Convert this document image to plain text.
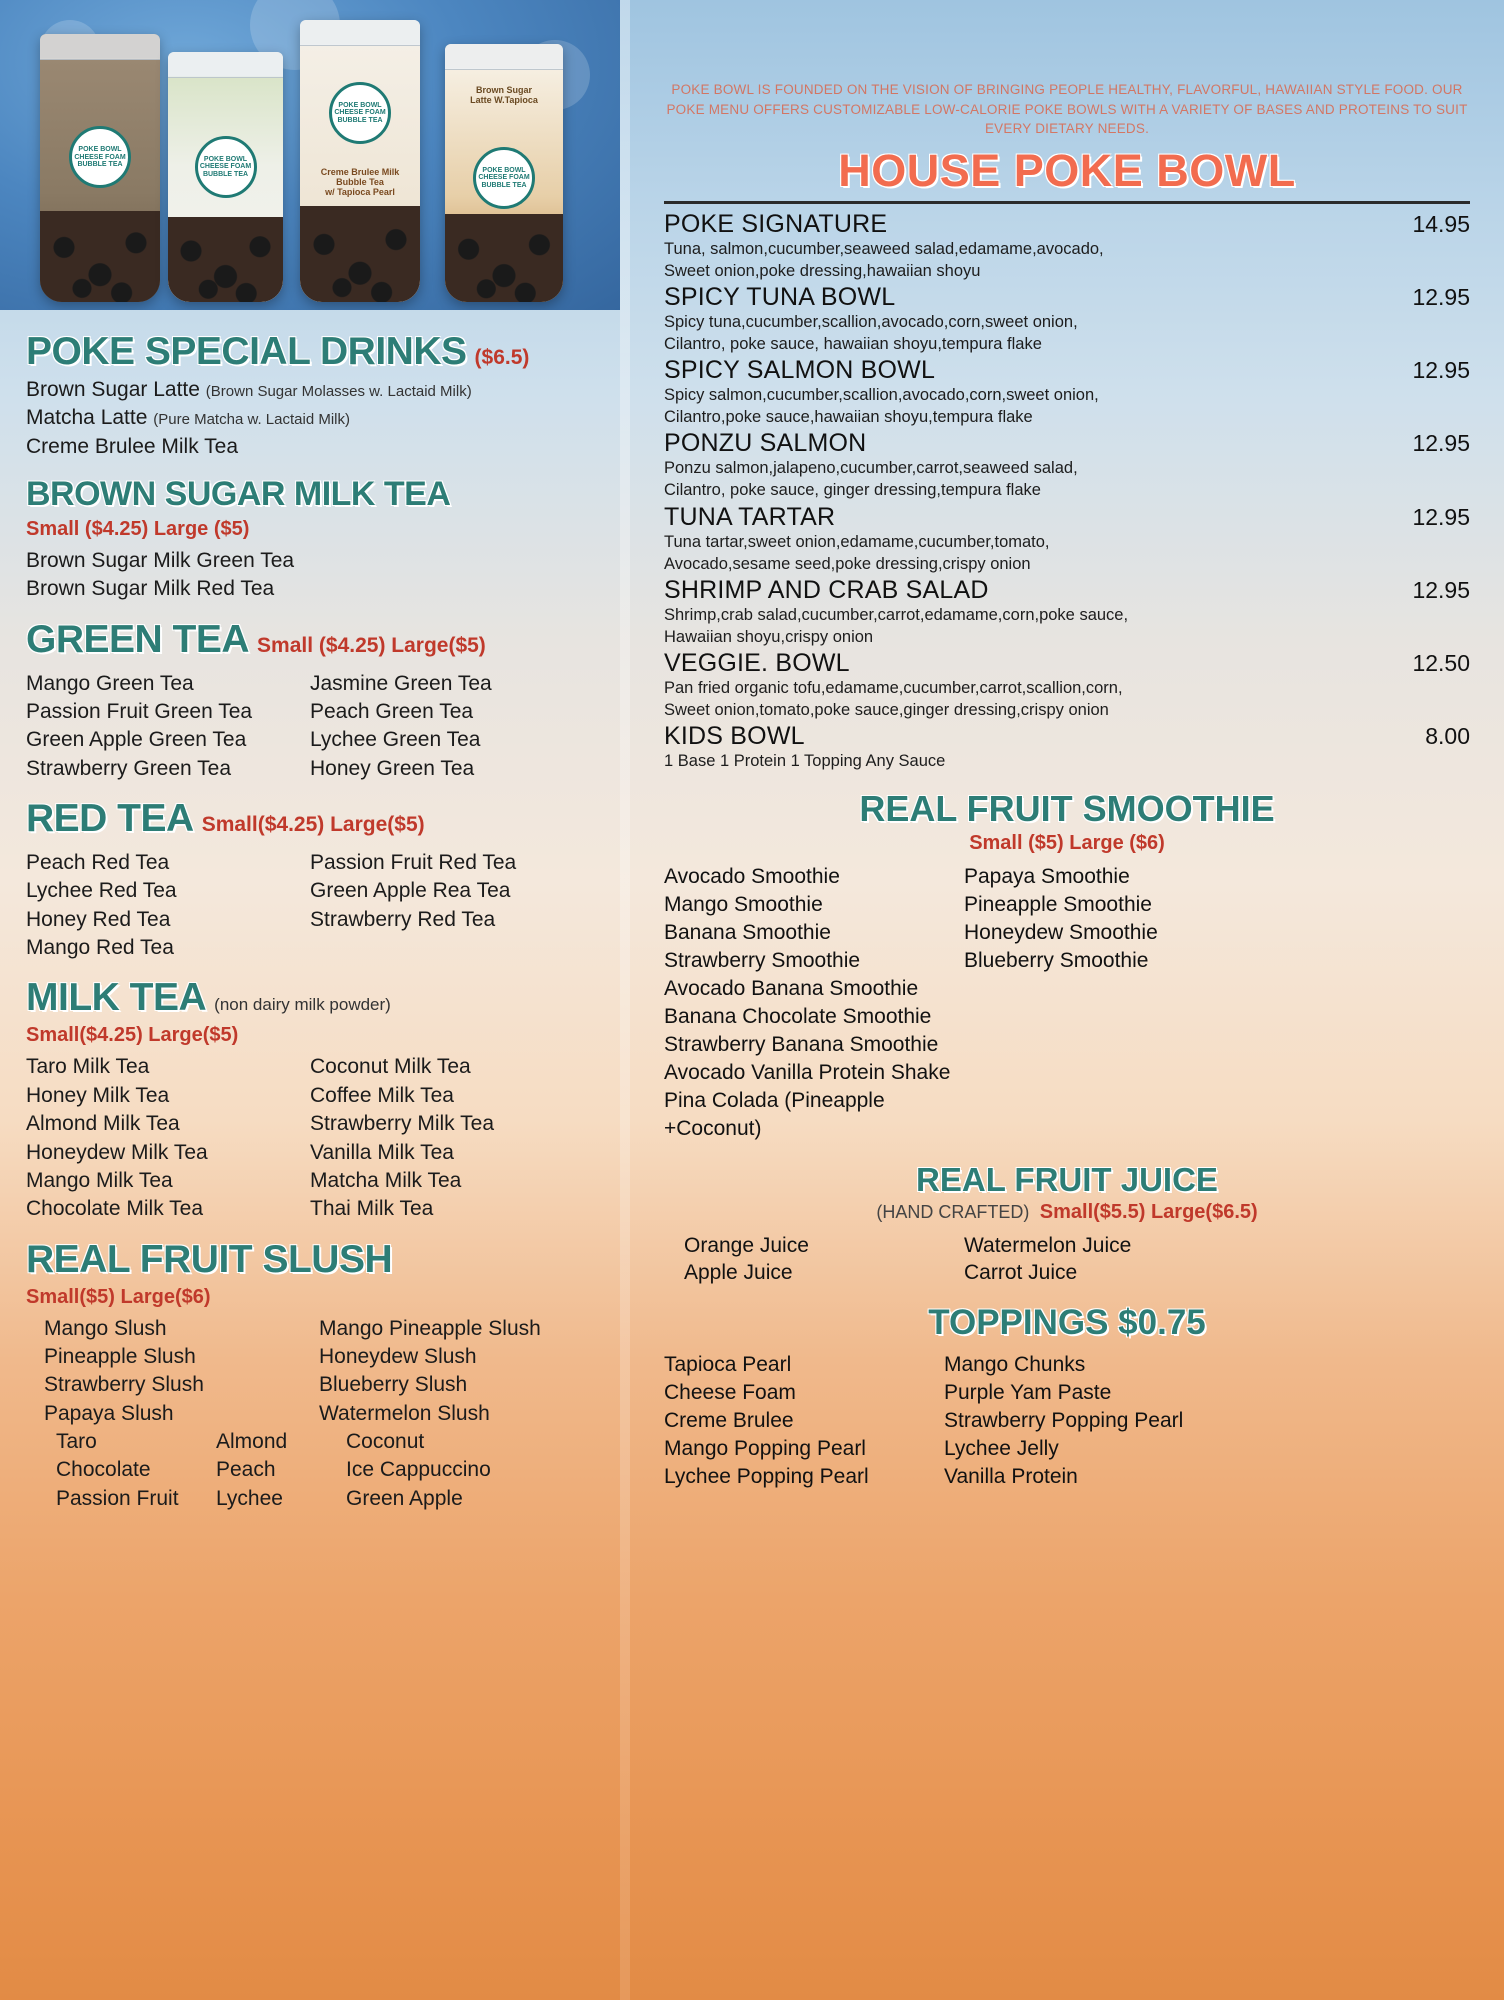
POKE BOWL
CHEESE FOAM
BUBBLE TEA
POKE BOWL
CHEESE FOAM
BUBBLE TEA
POKE BOWL
CHEESE FOAM
BUBBLE TEA
Creme Brulee Milk
Bubble Tea
w/ Tapioca Pearl
Brown Sugar
Latte W.Tapioca
POKE BOWL
CHEESE FOAM
BUBBLE TEA
POKE SPECIAL DRINKS ($6.5)
Brown Sugar Latte (Brown Sugar Molasses w. Lactaid Milk)
Matcha Latte (Pure Matcha w. Lactaid Milk)
Creme Brulee Milk Tea
BROWN SUGAR MILK TEA
Small ($4.25) Large ($5)
Brown Sugar Milk Green Tea
Brown Sugar Milk Red Tea
GREEN TEA Small ($4.25) Large($5)
Mango Green Tea
Passion Fruit Green Tea
Green Apple Green Tea
Strawberry Green Tea
Jasmine Green Tea
Peach Green Tea
Lychee Green Tea
Honey Green Tea
RED TEA Small($4.25) Large($5)
Peach Red Tea
Lychee Red Tea
Honey Red Tea
Mango Red Tea
Passion Fruit Red Tea
Green Apple Rea Tea
Strawberry Red Tea
MILK TEA (non dairy milk powder)
Small($4.25) Large($5)
Taro Milk Tea
Honey Milk Tea
Almond Milk Tea
Honeydew Milk Tea
Mango Milk Tea
Chocolate Milk Tea
Coconut Milk Tea
Coffee Milk Tea
Strawberry Milk Tea
Vanilla Milk Tea
Matcha Milk Tea
Thai Milk Tea
REAL FRUIT SLUSH
Small($5) Large($6)
Mango Slush
Pineapple Slush
Strawberry Slush
Papaya Slush
Mango Pineapple Slush
Honeydew Slush
Blueberry Slush
Watermelon Slush
Taro
Chocolate
Passion Fruit
Almond
Peach
Lychee
Coconut
Ice Cappuccino
Green Apple
POKE BOWL IS FOUNDED ON THE VISION OF BRINGING PEOPLE HEALTHY, FLAVORFUL, HAWAIIAN STYLE FOOD. OUR POKE MENU OFFERS CUSTOMIZABLE LOW-CALORIE POKE BOWLS WITH A VARIETY OF BASES AND PROTEINS TO SUIT EVERY DIETARY NEEDS.
HOUSE POKE BOWL
POKE SIGNATURE	14.95
Tuna, salmon,cucumber,seaweed salad,edamame,avocado,
Sweet onion,poke dressing,hawaiian shoyu
SPICY TUNA BOWL	12.95
Spicy tuna,cucumber,scallion,avocado,corn,sweet onion,
Cilantro, poke sauce, hawaiian shoyu,tempura flake
SPICY SALMON BOWL	12.95
Spicy salmon,cucumber,scallion,avocado,corn,sweet onion,
Cilantro,poke sauce,hawaiian shoyu,tempura flake
PONZU SALMON	12.95
Ponzu salmon,jalapeno,cucumber,carrot,seaweed salad,
Cilantro, poke sauce, ginger dressing,tempura flake
TUNA TARTAR	12.95
Tuna tartar,sweet onion,edamame,cucumber,tomato,
Avocado,sesame seed,poke dressing,crispy onion
SHRIMP AND CRAB SALAD	12.95
Shrimp,crab salad,cucumber,carrot,edamame,corn,poke sauce,
Hawaiian shoyu,crispy onion
VEGGIE. BOWL	12.50
Pan fried organic tofu,edamame,cucumber,carrot,scallion,corn,
Sweet onion,tomato,poke sauce,ginger dressing,crispy onion
KIDS BOWL	8.00
1 Base 1 Protein 1 Topping Any Sauce
REAL FRUIT SMOOTHIE
Small ($5) Large ($6)
Avocado Smoothie
Mango Smoothie
Banana Smoothie
Strawberry Smoothie
Avocado Banana Smoothie
Banana Chocolate Smoothie
Strawberry Banana Smoothie
Avocado Vanilla Protein Shake
Pina Colada (Pineapple +Coconut)
Papaya Smoothie
Pineapple Smoothie
Honeydew Smoothie
Blueberry Smoothie
REAL FRUIT JUICE
(HAND CRAFTED) Small($5.5) Large($6.5)
Orange Juice
Apple Juice
Watermelon Juice
Carrot Juice
TOPPINGS $0.75
Tapioca Pearl
Cheese Foam
Creme Brulee
Mango Popping Pearl
Lychee Popping Pearl
Mango Chunks
Purple Yam Paste
Strawberry Popping Pearl
Lychee Jelly
Vanilla Protein
